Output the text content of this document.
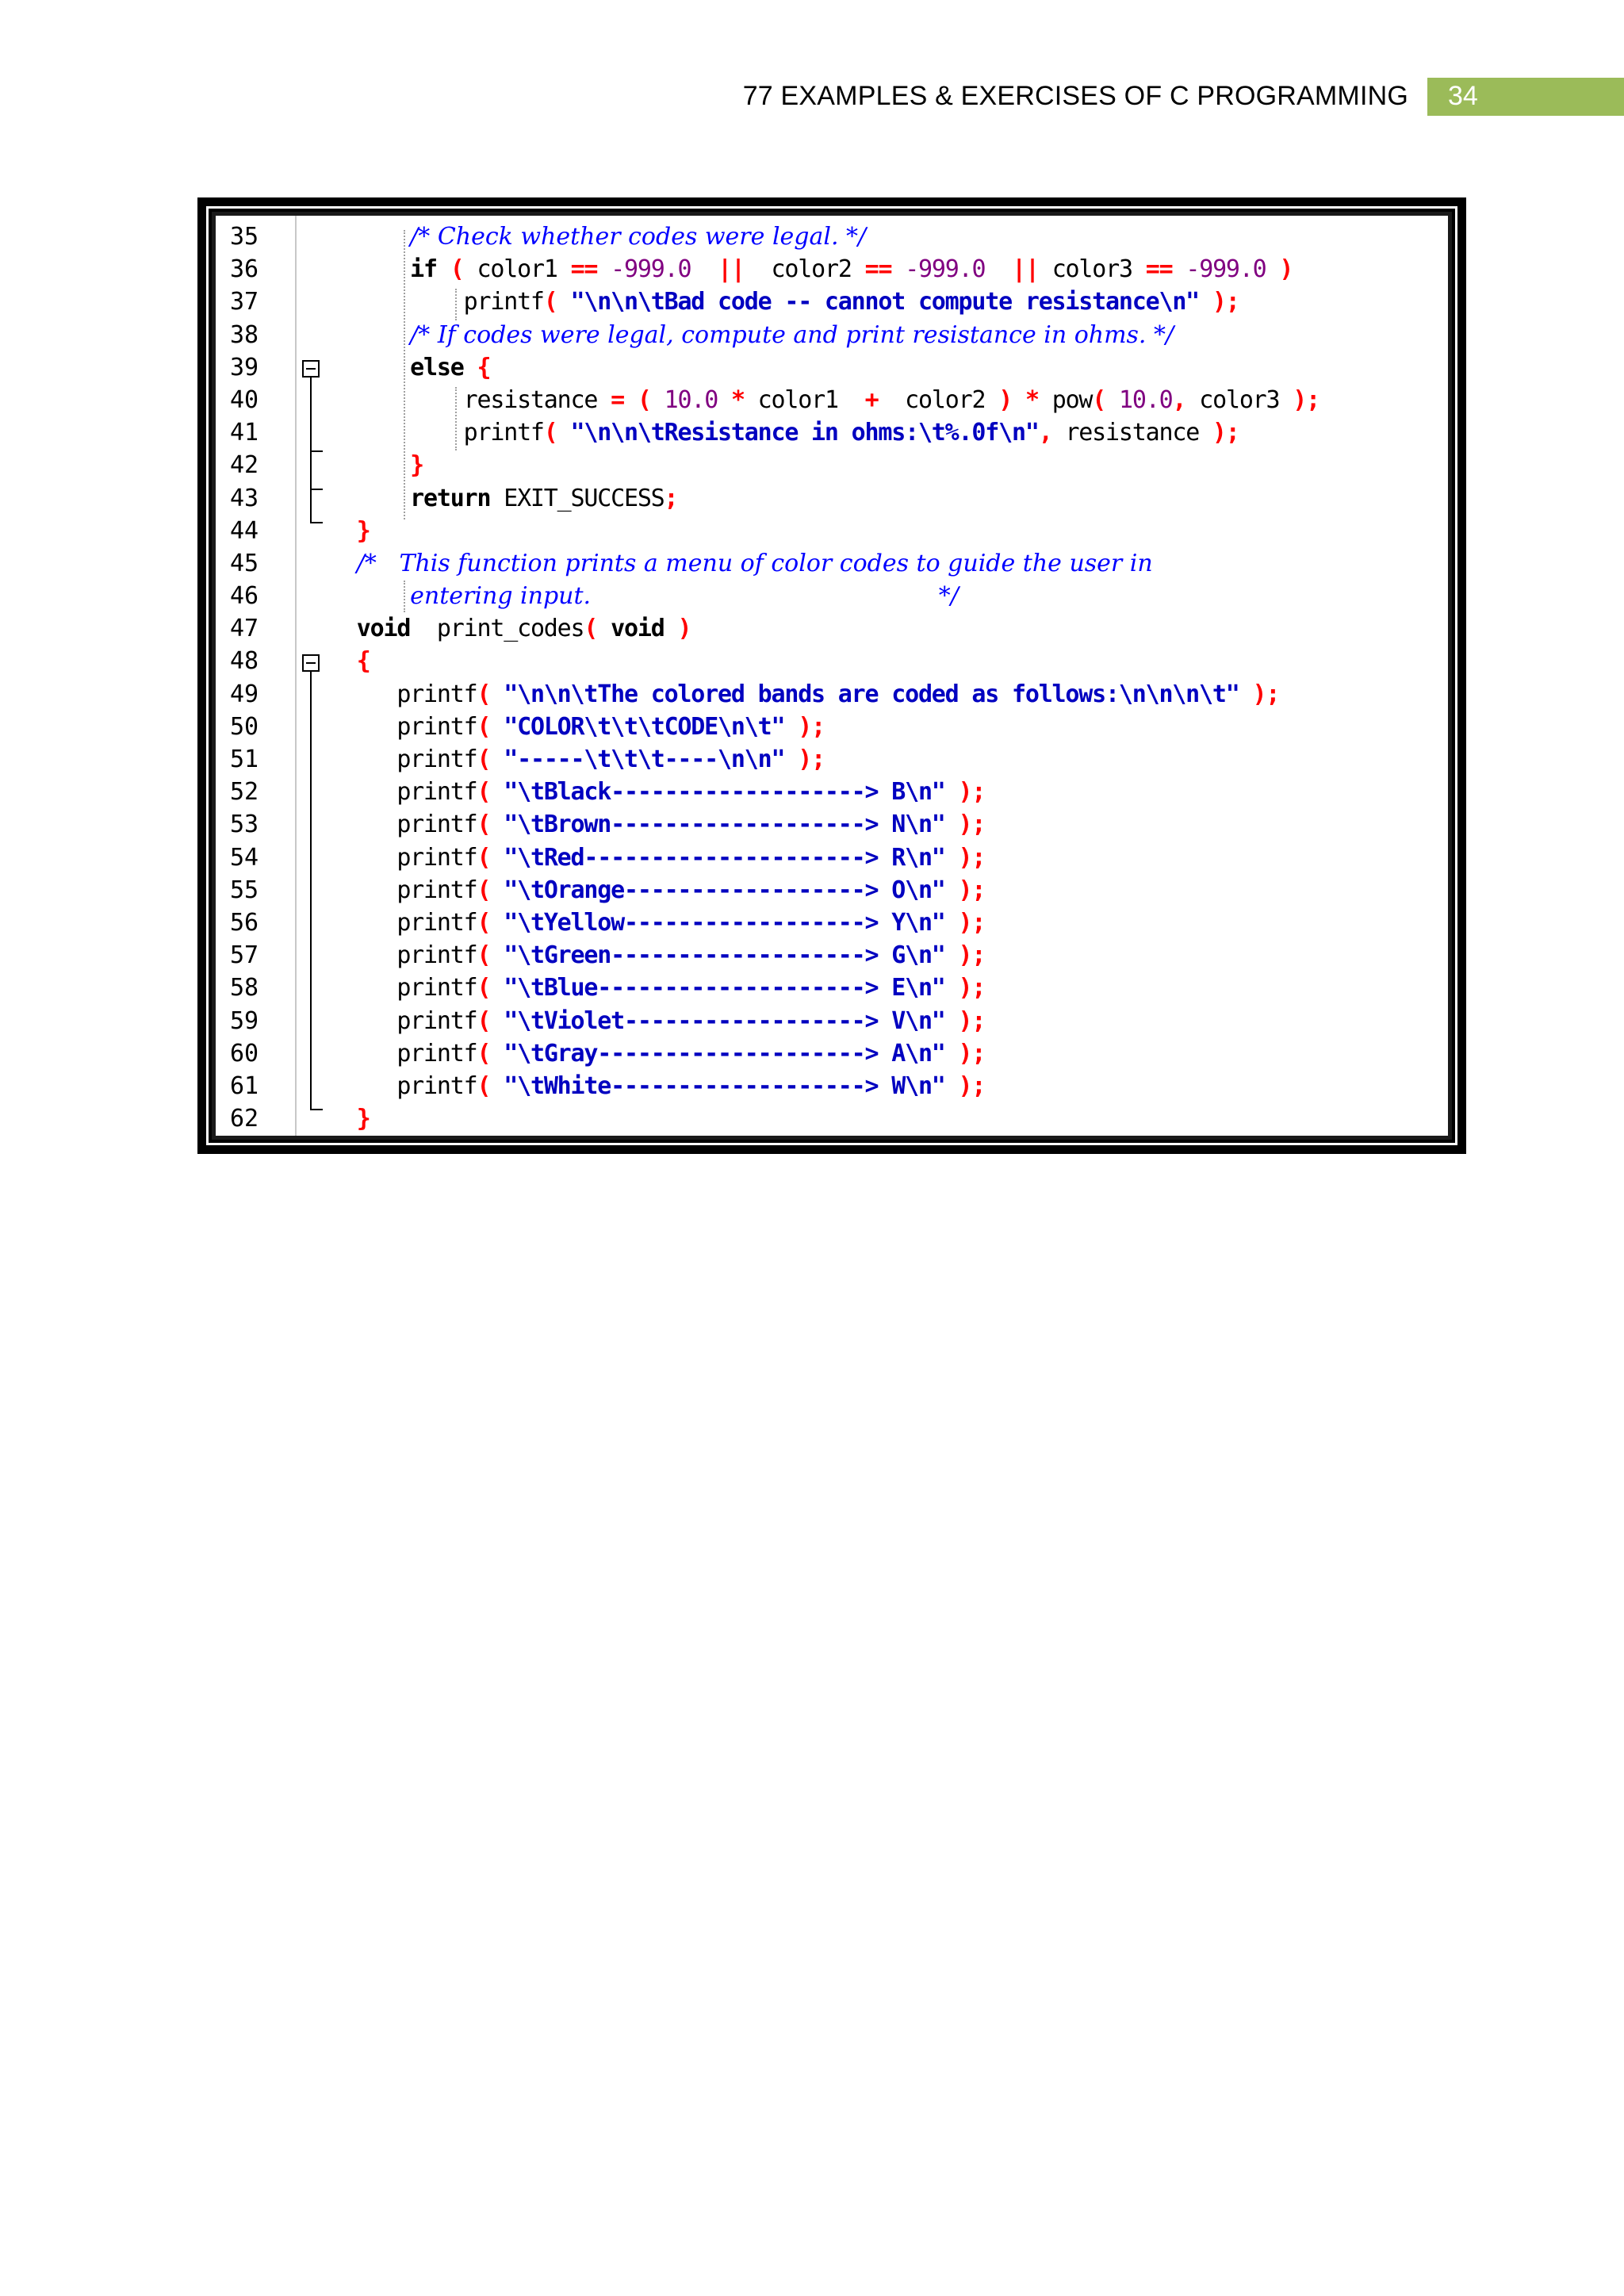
77 EXAMPLES & EXERCISES OF C PROGRAMMING 34
35	/* Check whether codes were legal. */
36	if ( color1 == -999.0 ||  color2 == -999.0 || color3 == -999.0 )
37	printf( "\n\n\tBad code -- cannot compute resistance\n" );
38	/* If codes were legal, compute and print resistance in ohms. */
39	else {
40	resistance = ( 10.0 * color1  +  color2 ) * pow( 10.0, color3 );
41	printf( "\n\n\tResistance in ohms:\t%.0f\n", resistance );
42	}
43	return EXIT_SUCCESS;
44	}
45	/*   This function prints a menu of color codes to guide the user in
46	entering input.                                              */
47	void  print_codes( void )
48	{
49	printf( "\n\n\tThe colored bands are coded as follows:\n\n\n\t" );
50	printf( "COLOR\t\t\tCODE\n\t" );
51	printf( "-----\t\t\t----\n\n" );
52	printf( "\tBlack-------------------> B\n" );
53	printf( "\tBrown-------------------> N\n" );
54	printf( "\tRed---------------------> R\n" );
55	printf( "\tOrange------------------> O\n" );
56	printf( "\tYellow------------------> Y\n" );
57	printf( "\tGreen-------------------> G\n" );
58	printf( "\tBlue--------------------> E\n" );
59	printf( "\tViolet------------------> V\n" );
60	printf( "\tGray--------------------> A\n" );
61	printf( "\tWhite-------------------> W\n" );
62	}
